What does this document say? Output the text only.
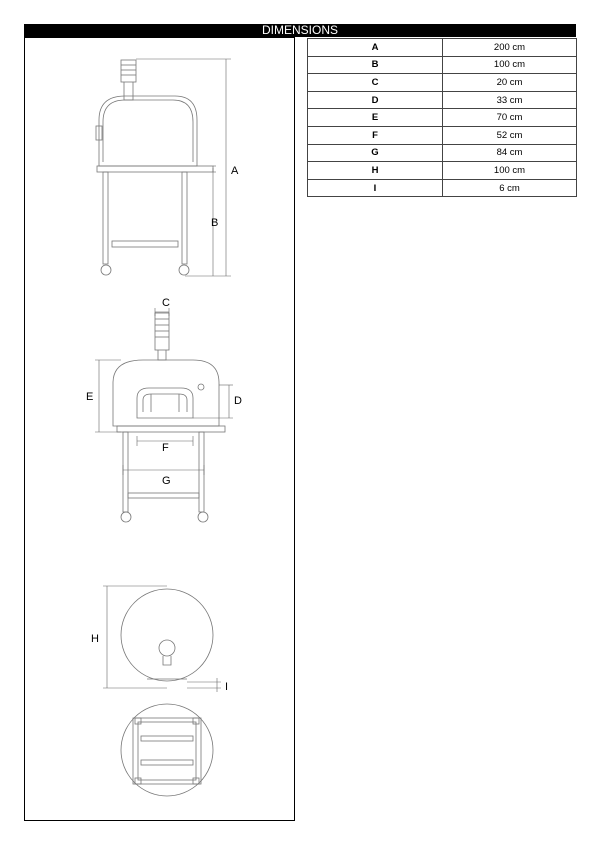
DIMENSIONS
A
B
C
E	D
F
G
H
I
A	200 cm
B	100 cm
C	20 cm
D	33 cm
E	70 cm
F	52 cm
G	84 cm
H	100 cm
I	6 cm
